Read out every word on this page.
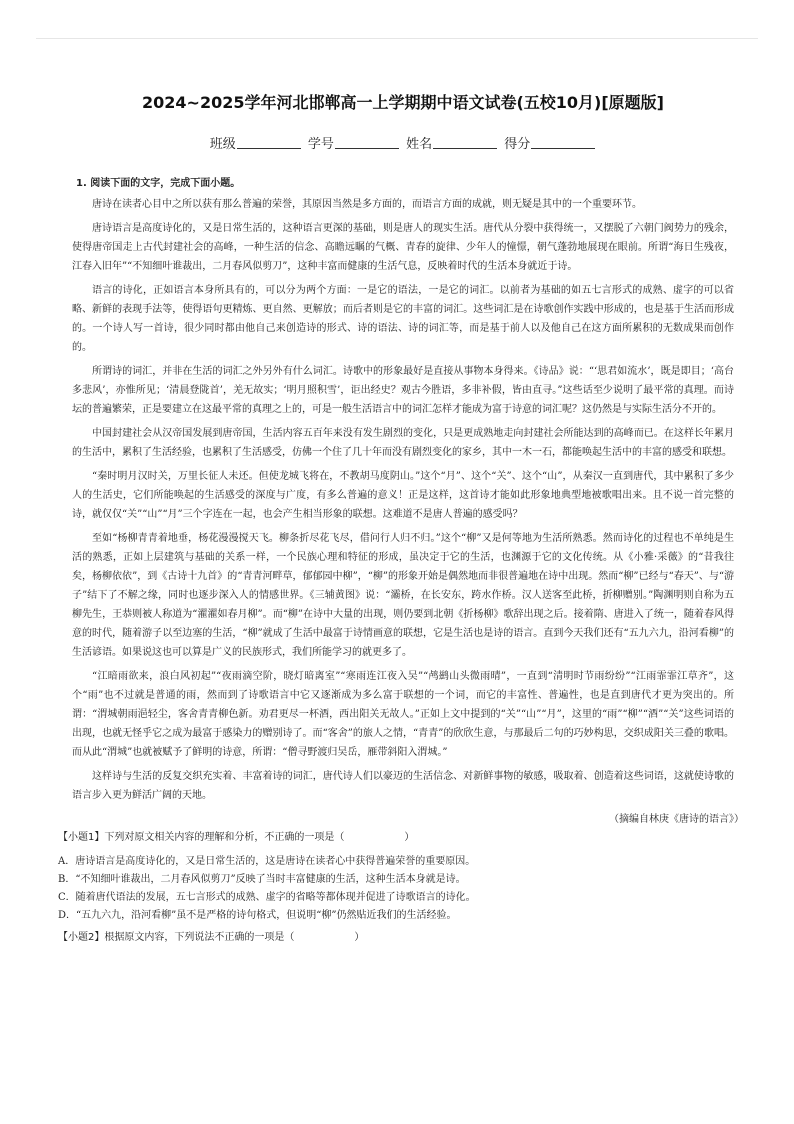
2024~2025学年河北邯郸高一上学期期中语文试卷(五校10月)[原题版]
班级	学号	姓名	得分
1. 阅读下面的文字，完成下面小题。

唐诗在读者心目中之所以获有那么普遍的荣誉，其原因当然是多方面的，而语言方面的成就，则无疑是其中的一个重要环节。

唐诗语言是高度诗化的，又是日常生活的，这种语言更深的基础，则是唐人的现实生活。唐代从分裂中获得统一，又摆脱了六朝门阀势力的残余，使得唐帝国走上古代封建社会的高峰，一种生活的信念、高瞻远瞩的气概、青春的旋律、少年人的憧憬，朝气蓬勃地展现在眼前。所谓“海日生残夜，江春入旧年”“不知细叶谁裁出，二月春风似剪刀”，这种丰富而健康的生活气息，反映着时代的生活本身就近于诗。

语言的诗化，正如语言本身所具有的，可以分为两个方面：一是它的语法，一是它的词汇。以前者为基础的如五七言形式的成熟、虚字的可以省略、新鲜的表现手法等，使得语句更精炼、更自然、更解放；而后者则是它的丰富的词汇。这些词汇是在诗歌创作实践中形成的，也是基于生活而形成的。一个诗人写一首诗，很少同时都由他自己来创造诗的形式、诗的语法、诗的词汇等，而是基于前人以及他自己在这方面所累积的无数成果而创作的。

所谓诗的词汇，并非在生活的词汇之外另外有什么词汇。诗歌中的形象最好是直接从事物本身得来。《诗品》说：“‘思君如流水’，既是即目；‘高台多悲风’，亦惟所见；‘清晨登陇首’，羌无故实；‘明月照积雪’，讵出经史？观古今胜语，多非补假，皆由直寻。”这些话至少说明了最平常的真理。而诗坛的普遍繁荣，正是要建立在这最平常的真理之上的，可是一般生活语言中的词汇怎样才能成为富于诗意的词汇呢？这仍然是与实际生活分不开的。

中国封建社会从汉帝国发展到唐帝国，生活内容五百年来没有发生剧烈的变化，只是更成熟地走向封建社会所能达到的高峰而已。在这样长年累月的生活中，累积了生活经验，也累积了生活感受，仿佛一个住了几十年而没有剧烈变化的家乡，其中一木一石，都能唤起生活中的丰富的感受和联想。

“秦时明月汉时关，万里长征人未还。但使龙城飞将在，不教胡马度阴山。”这个“月”、这个“关”、这个“山”，从秦汉一直到唐代，其中累积了多少人的生活史，它们所能唤起的生活感受的深度与广度，有多么普遍的意义！正是这样，这首诗才能如此形象地典型地被歌唱出来。且不说一首完整的诗，就仅仅“关”“山”“月”三个字连在一起，也会产生相当形象的联想。这难道不是唐人普遍的感受吗？

至如“杨柳青青着地垂，杨花漫漫搅天飞。柳条折尽花飞尽，借问行人归不归。”这个“柳”又是何等地为生活所熟悉。然而诗化的过程也不单纯是生活的熟悉，正如上层建筑与基础的关系一样，一个民族心理和特征的形成，虽决定于它的生活，也渊源于它的文化传统。从《小雅·采薇》的“昔我往矣，杨柳依依”，到《古诗十九首》的“青青河畔草，郁郁园中柳”，“柳”的形象开始是偶然地而非很普遍地在诗中出现。然而“柳”已经与“春天”、与“游子”结下了不解之缘，同时也逐步深入人的情感世界。《三辅黄图》说：“灞桥，在长安东，跨水作桥。汉人送客至此桥，折柳赠别。”陶渊明则自称为五柳先生，王恭则被人称道为“濯濯如春月柳”。而“柳”在诗中大量的出现，则仍要到北朝《折杨柳》歌辞出现之后。接着隋、唐进入了统一，随着春风得意的时代，随着游子以至边塞的生活，“柳”就成了生活中最富于诗情画意的联想，它是生活也是诗的语言。直到今天我们还有“五九六九，沿河看柳”的生活谚语。如果说这也可以算是广义的民族形式，我们所能学习的就更多了。

“江暗雨欲来，浪白风初起”“夜雨滴空阶，晓灯暗离室”“寒雨连江夜入吴”“鸬鹚山头微雨晴”，一直到“清明时节雨纷纷”“江雨霏霏江草齐”，这个“雨”也不过就是普通的雨，然而到了诗歌语言中它又逐渐成为多么富于联想的一个词，而它的丰富性、普遍性，也是直到唐代才更为突出的。所谓：“渭城朝雨浥轻尘，客舍青青柳色新。劝君更尽一杯酒，西出阳关无故人。”正如上文中提到的“关”“山”“月”，这里的“雨”“柳”“酒”“关”这些词语的出现，也就无怪乎它之成为最富于感染力的赠别诗了。而“客舍”的旅人之情，“青青”的欣欣生意，与那最后二句的巧妙构思，交织成阳关三叠的歌唱。而从此“渭城”也就被赋予了鲜明的诗意，所谓：“僧寻野渡归吴岳，雁带斜阳入渭城。”

这样诗与生活的反复交织充实着、丰富着诗的词汇，唐代诗人们以豪迈的生活信念、对新鲜事物的敏感，吸取着、创造着这些词语，这就使诗歌的语言步入更为鲜活广阔的天地。

（摘编自林庚《唐诗的语言》）
【小题1】下列对原文相关内容的理解和分析，不正确的一项是（	）
A．唐诗语言是高度诗化的，又是日常生活的，这是唐诗在读者心中获得普遍荣誉的重要原因。
B．“不知细叶谁裁出，二月春风似剪刀”反映了当时丰富健康的生活，这种生活本身就是诗。
C．随着唐代语法的发展，五七言形式的成熟、虚字的省略等都体现并促进了诗歌语言的诗化。
D．“五九六九，沿河看柳”虽不是严格的诗句格式，但说明“柳”仍然贴近我们的生活经验。
【小题2】根据原文内容，下列说法不正确的一项是（	）
